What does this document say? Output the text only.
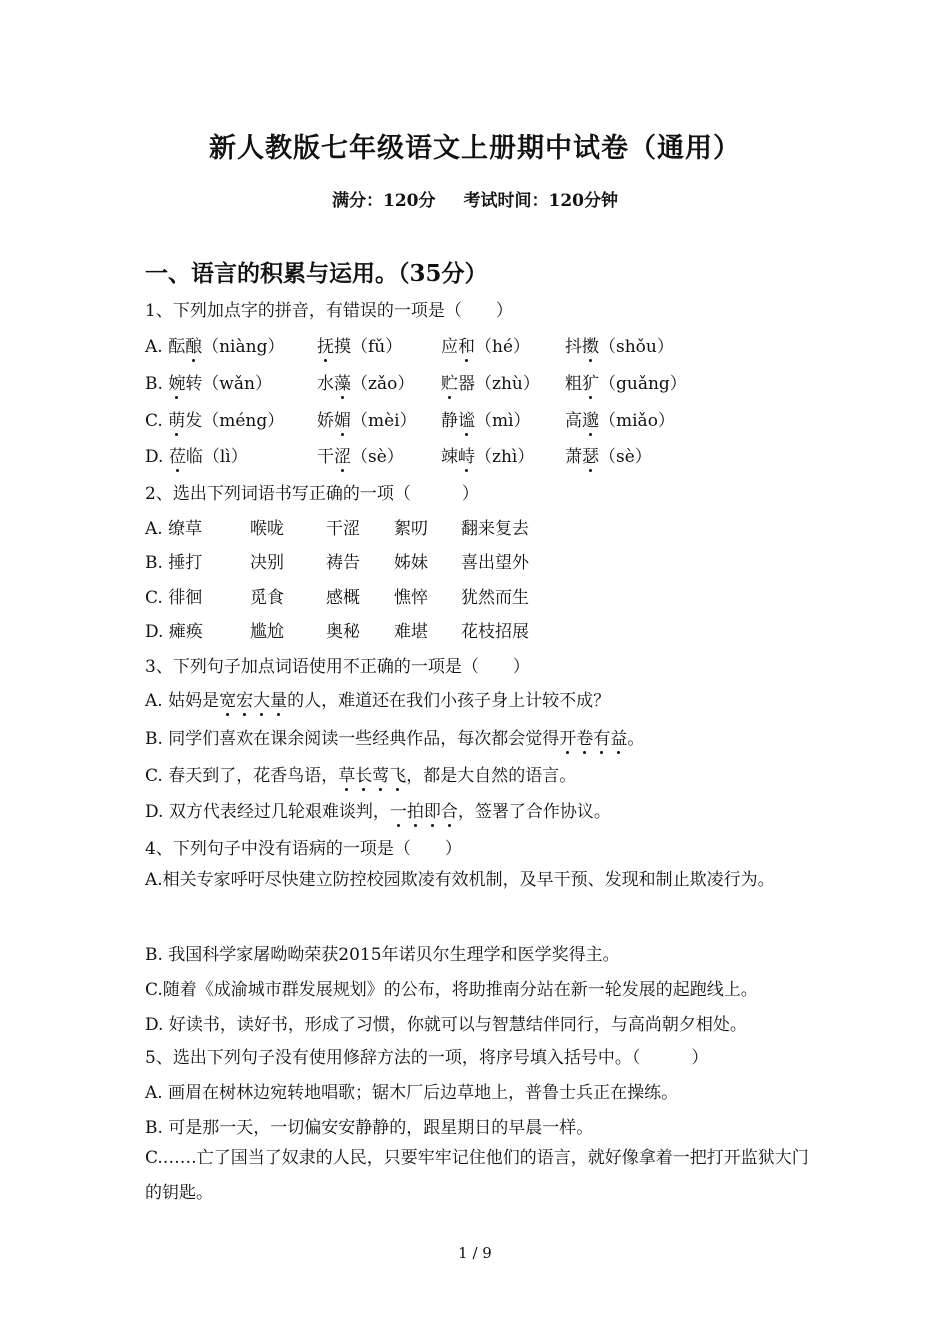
新人教版七年级语文上册期中试卷（通用）
满分：120分 考试时间：120分钟
一、语言的积累与运用。（35分）
1、下列加点字的拼音，有错误的一项是（　　）
A. 酝酿（niàng） 抚摸（fǔ） 应和（hé） 抖擞（shǒu）
B. 婉转（wǎn）	水藻（zǎo） 贮器（zhù） 粗犷（guǎng）
C. 萌发（méng） 娇媚（mèi） 静谧（mì） 高邈（miǎo）
D. 莅临（lì）	干涩（sè） 竦峙（zhì） 萧瑟（sè）
2、选出下列词语书写正确的一项（　　　）
A. 缭草	喉咙 干涩 絮叨 翻来复去
B. 捶打	决别 祷告 姊妹 喜出望外
C. 徘徊	觅食 感概 憔悴 犹然而生
D. 瘫痪	尴尬 奥秘 难堪 花枝招展
3、下列句子加点词语使用不正确的一项是（　　）
A. 姑妈是宽宏大量的人，难道还在我们小孩子身上计较不成？
B. 同学们喜欢在课余阅读一些经典作品，每次都会觉得开卷有益。
C. 春天到了，花香鸟语，草长莺飞，都是大自然的语言。
D. 双方代表经过几轮艰难谈判，一拍即合，签署了合作协议。
4、下列句子中没有语病的一项是（　　）
A.相关专家呼吁尽快建立防控校园欺凌有效机制，及早干预、发现和制止欺凌行为。
B. 我国科学家屠呦呦荣获2015年诺贝尔生理学和医学奖得主。
C.随着《成渝城市群发展规划》的公布，将助推南分站在新一轮发展的起跑线上。
D. 好读书，读好书，形成了习惯，你就可以与智慧结伴同行，与高尚朝夕相处。
5、选出下列句子没有使用修辞方法的一项，将序号填入括号中。（　　　）
A. 画眉在树林边宛转地唱歌；锯木厂后边草地上，普鲁士兵正在操练。
B. 可是那一天，一切偏安安静静的，跟星期日的早晨一样。
C.……亡了国当了奴隶的人民，只要牢牢记住他们的语言，就好像拿着一把打开监狱大门的钥匙。
1 / 9
